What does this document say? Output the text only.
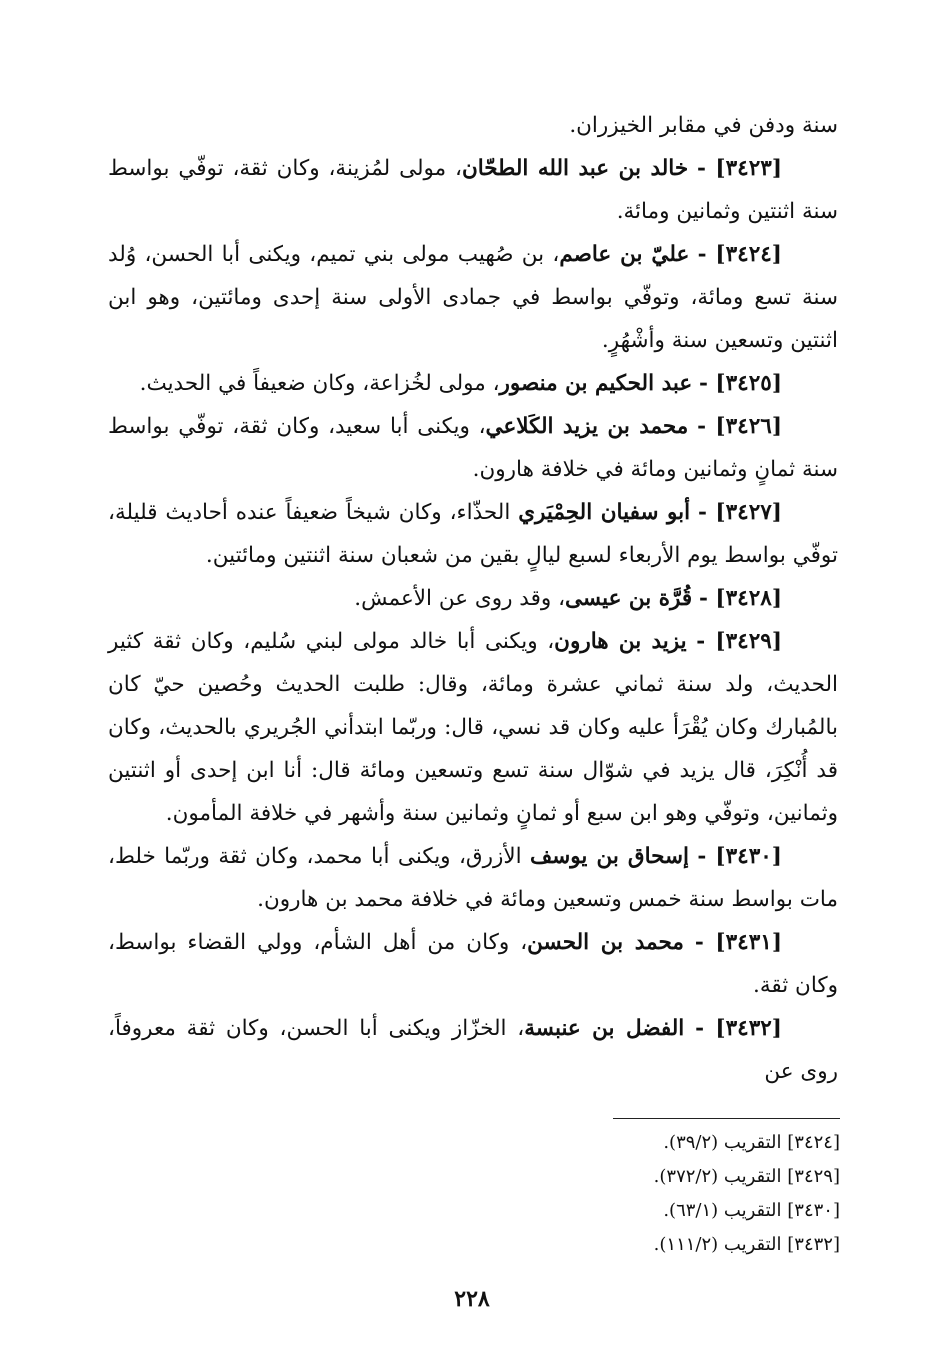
سنة ودفن في مقابر الخيزران.

[٣٤٢٣] - خالد بن عبد الله الطحّان، مولى لمُزينة، وكان ثقة، توفّي بواسط سنة اثنتين وثمانين ومائة.

[٣٤٢٤] - عليّ بن عاصم، بن صُهيب مولى بني تميم، ويكنى أبا الحسن، وُلد سنة تسع ومائة، وتوفّي بواسط في جمادى الأولى سنة إحدى ومائتين، وهو ابن اثنتين وتسعين سنة وأشْهُرٍ.

[٣٤٢٥] - عبد الحكيم بن منصور، مولى لخُزاعة، وكان ضعيفاً في الحديث.

[٣٤٢٦] - محمد بن يزيد الكَلاعي، ويكنى أبا سعيد، وكان ثقة، توفّي بواسط سنة ثمانٍ وثمانين ومائة في خلافة هارون.

[٣٤٢٧] - أبو سفيان الحِمْيَري الحذّاء، وكان شيخاً ضعيفاً عنده أحاديث قليلة، توفّي بواسط يوم الأربعاء لسبع ليالٍ بقين من شعبان سنة اثنتين ومائتين.

[٣٤٢٨] - قُرَّة بن عيسى، وقد روى عن الأعمش.

[٣٤٢٩] - يزيد بن هارون، ويكنى أبا خالد مولى لبني سُليم، وكان ثقة كثير الحديث، ولد سنة ثماني عشرة ومائة، وقال: طلبت الحديث وحُصين حيّ كان بالمُبارك وكان يُقْرَأ عليه وكان قد نسي، قال: وربّما ابتدأني الجُريري بالحديث، وكان قد أُنْكِرَ، قال يزيد في شوّال سنة تسع وتسعين ومائة قال: أنا ابن إحدى أو اثنتين وثمانين، وتوفّي وهو ابن سبع أو ثمانٍ وثمانين سنة وأشهر في خلافة المأمون.

[٣٤٣٠] - إسحاق بن يوسف الأزرق، ويكنى أبا محمد، وكان ثقة وربّما خلط، مات بواسط سنة خمس وتسعين ومائة في خلافة محمد بن هارون.

[٣٤٣١] - محمد بن الحسن، وكان من أهل الشأم، وولي القضاء بواسط، وكان ثقة.

[٣٤٣٢] - الفضل بن عنبسة، الخزّاز ويكنى أبا الحسن، وكان ثقة معروفاً، روى عن

[٣٤٢٤] التقريب (٣٩/٢).

[٣٤٢٩] التقريب (٣٧٢/٢).

[٣٤٣٠] التقريب (٦٣/١).

[٣٤٣٢] التقريب (١١١/٢).

٢٢٨
